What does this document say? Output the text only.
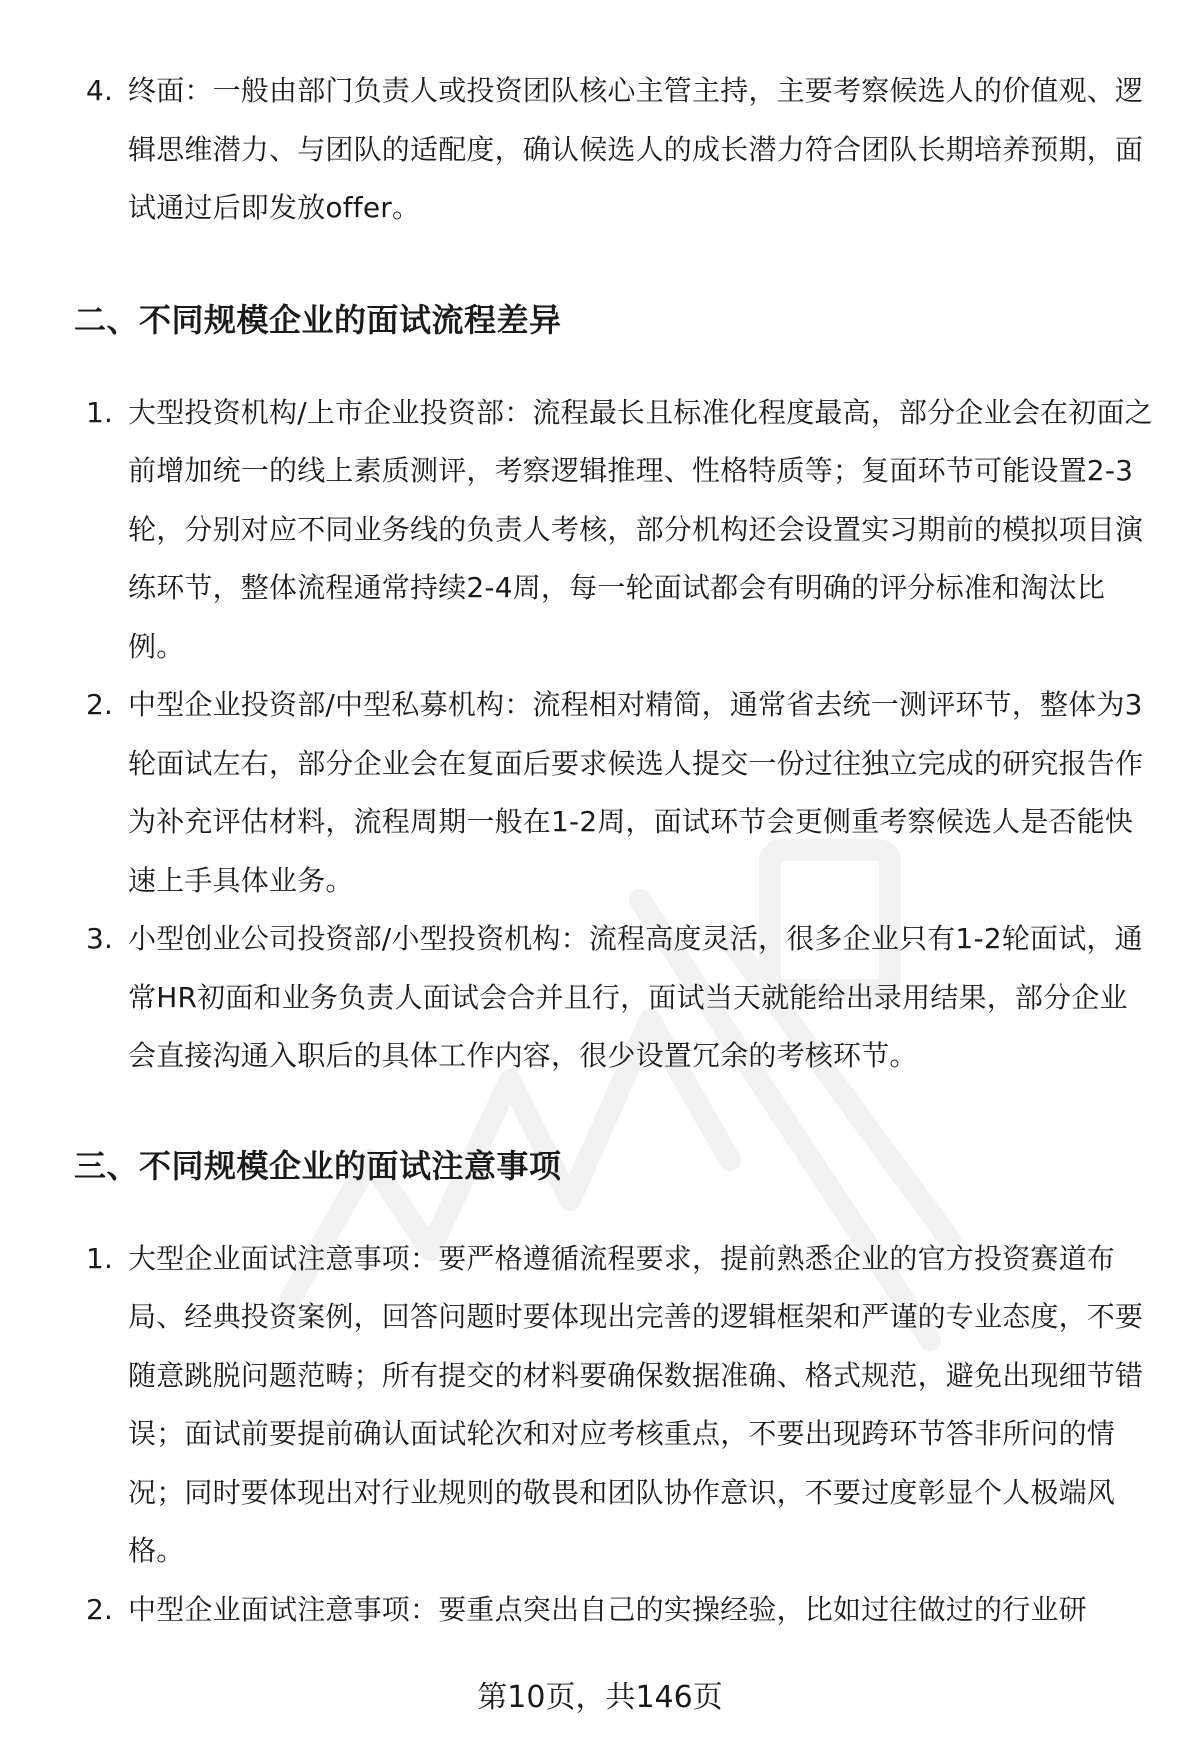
4. 终面：一般由部门负责人或投资团队核心主管主持，主要考察候选人的价值观、逻辑思维潜力、与团队的适配度，确认候选人的成长潜力符合团队长期培养预期，面试通过后即发放offer。
二、不同规模企业的面试流程差异
1. 大型投资机构/上市企业投资部：流程最长且标准化程度最高，部分企业会在初面之前增加统一的线上素质测评，考察逻辑推理、性格特质等；复面环节可能设置2-3轮，分别对应不同业务线的负责人考核，部分机构还会设置实习期前的模拟项目演练环节，整体流程通常持续2-4周，每一轮面试都会有明确的评分标准和淘汰比例。
2. 中型企业投资部/中型私募机构：流程相对精简，通常省去统一测评环节，整体为3轮面试左右，部分企业会在复面后要求候选人提交一份过往独立完成的研究报告作为补充评估材料，流程周期一般在1-2周，面试环节会更侧重考察候选人是否能快速上手具体业务。
3. 小型创业公司投资部/小型投资机构：流程高度灵活，很多企业只有1-2轮面试，通常HR初面和业务负责人面试会合并且行，面试当天就能给出录用结果，部分企业会直接沟通入职后的具体工作内容，很少设置冗余的考核环节。
三、不同规模企业的面试注意事项
1. 大型企业面试注意事项：要严格遵循流程要求，提前熟悉企业的官方投资赛道布局、经典投资案例，回答问题时要体现出完善的逻辑框架和严谨的专业态度，不要随意跳脱问题范畴；所有提交的材料要确保数据准确、格式规范，避免出现细节错误；面试前要提前确认面试轮次和对应考核重点，不要出现跨环节答非所问的情况；同时要体现出对行业规则的敬畏和团队协作意识，不要过度彰显个人极端风格。
2. 中型企业面试注意事项：要重点突出自己的实操经验，比如过往做过的行业研
第10页，共146页
